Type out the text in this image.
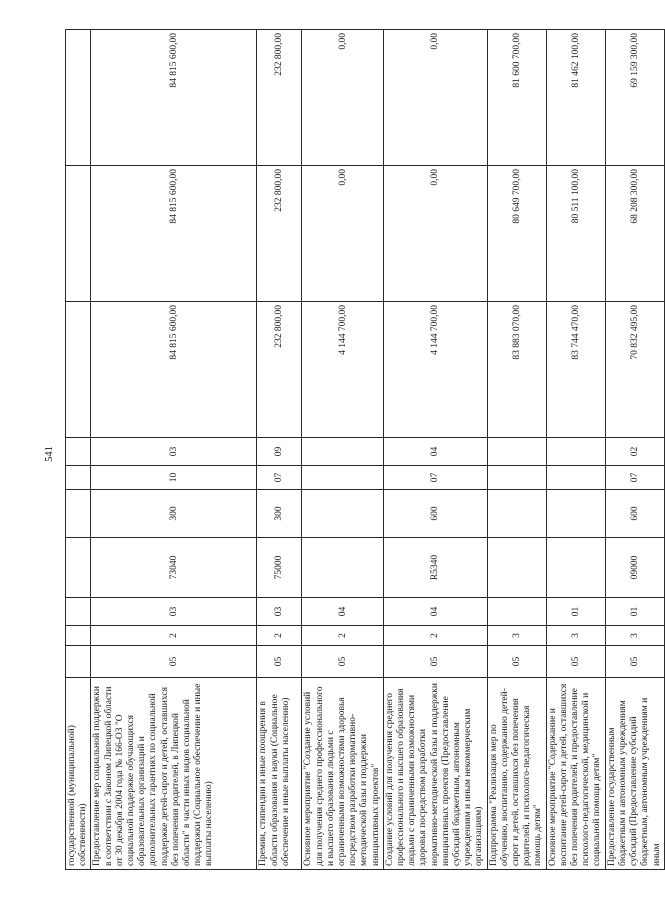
541
государственной (муниципальной) собственности)										
Предоставление мер социальной поддержки в соответствии с Законом Липецкой области от 30 декабря 2004 года № 166-ОЗ "О социальной поддержке обучающихся образовательных организаций и дополнительных гарантиях по социальной поддержке детей-сирот и детей, оставшихся без попечения родителей, в Липецкой области" в части иных видов социальной поддержки (Социальное обеспечение и иные выплаты населению)	05	2	03	73040	300	10	03	84 815 600,00	84 815 600,00	84 815 600,00
Премии, стипендии и иные поощрения в области образования и науки (Социальное обеспечение и иные выплаты населению)	05	2	03	75000	300	07	09	232 800,00	232 800,00	232 800,00
Основное мероприятие "Создание условий для получения среднего профессионального и высшего образования людьми с ограниченными возможностями здоровья посредством разработки нормативно-методической базы и поддержки инициативных проектов"	05	2	04					4 144 700,00	0,00	0,00
Создание условий для получения среднего профессионального и высшего образования людьми с ограниченными возможностями здоровья посредством разработки нормативно-методической базы и поддержки инициативных проектов (Предоставление субсидий бюджетным, автономным учреждениям и иным некоммерческим организациям)	05	2	04	R5340	600	07	04	4 144 700,00	0,00	0,00
Подпрограмма "Реализация мер по обучению, воспитанию, содержанию детей-сирот и детей, оставшихся без попечения родителей, и психолого-педагогическая помощь детям"	05	3						83 883 070,00	80 649 700,00	81 600 700,00
Основное мероприятие "Содержание и воспитание детей-сирот и детей, оставшихся без попечения родителей, и предоставление психолого-педагогической, медицинской и социальной помощи детям"	05	3	01					83 744 470,00	80 511 100,00	81 462 100,00
Предоставление государственным бюджетным и автономным учреждениям субсидий (Предоставление субсидий бюджетным, автономным учреждениям и иным	05	3	01	09000	600	07	02	70 832 495,00	68 208 300,00	69 159 300,00
